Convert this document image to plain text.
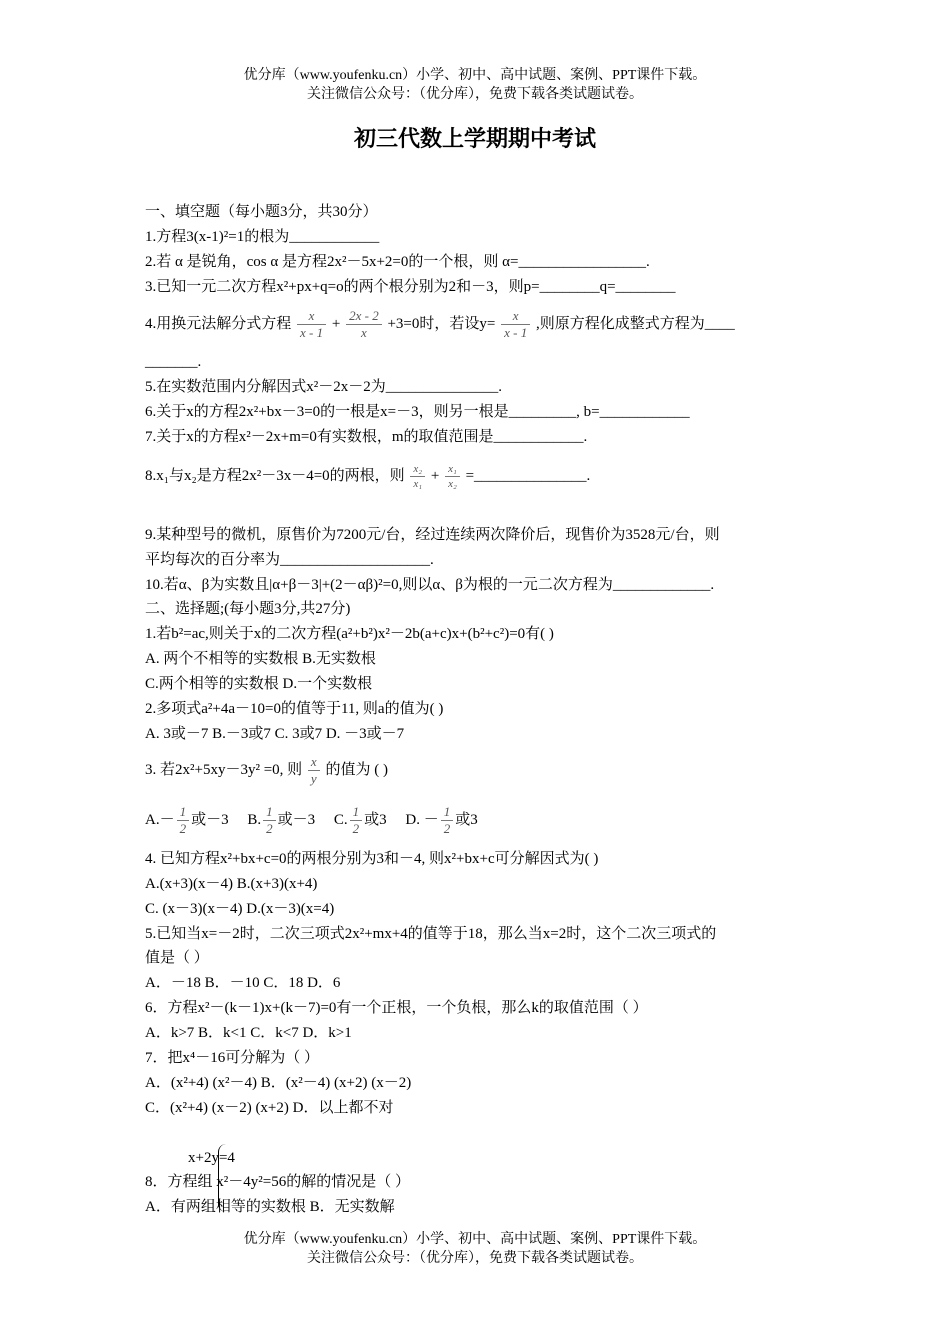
优分库（www.youfenku.cn）小学、初中、高中试题、案例、PPT课件下载。
关注微信公众号：（优分库），免费下载各类试题试卷。
初三代数上学期期中考试
一、填空题（每小题3分，共30分）
1.方程3(x-1)²=1的根为____________
2.若 α 是锐角，cos α 是方程2x²－5x+2=0的一个根，则 α=_________________.
3.已知一元二次方程x²+px+q=o的两个根分别为2和－3，则p=________q=________
4.用换元法解分式方程 $\frac{x}{x - 1} + \frac{2x - 2}{x} +3=0$时，若设$y= \frac{x}{x - 1}$ ,则原方程化成整式方程为____
_______.
5.在实数范围内分解因式x²－2x－2为_______________.
6.关于x的方程2x²+bx－3=0的一根是x=－3，则另一根是_________, b=____________
7.关于x的方程x²－2x+m=0有实数根，m的取值范围是____________.
8.x₁与x₂是方程2x²－3x－4=0的两根，则 $\frac{\text{x₂}}{\text{x₁}} + \frac{\text{x₁}}{\text{x₂}}$ =_______________.
9.某种型号的微机，原售价为7200元/台，经过连续两次降价后，现售价为3528元/台，则
平均每次的百分率为____________________.
10.若α、β为实数且|α+β－3|+(2－αβ)²=0,则以α、β为根的一元二次方程为_____________.
二、选择题;(每小题3分,共27分)
1.若b²=ac,则关于x的二次方程(a²+b²)x²－2b(a+c)x+(b²+c²)=0有( )
A. 两个不相等的实数根 B.无实数根
C.两个相等的实数根 D.一个实数根
2.多项式a²+4a－10=0的值等于11, 则a的值为( )
A. 3或－7 B.－3或7 C. 3或7 D. －3或－7
3. 若2x²+5xy－3y² =0, 则 $\frac{x}{y}$ 的值为 ( )
$A.- \frac{1}{2}$ 或－3 B. $\frac{1}{2}$ 或－3 C. $\frac{1}{2}$ 或3 D. － $\frac{1}{2}$ 或3
4. 已知方程x²+bx+c=0的两根分别为3和－4, 则x²+bx+c可分解因式为( )
A.(x+3)(x－4) B.(x+3)(x+4)
C. (x－3)(x－4) D.(x－3)(x=4)
5.已知当x=－2时，二次三项式2x²+mx+4的值等于18，那么当x=2时，这个二次三项式的
值是（ ）
A．－18 B．－10 C．18 D．6
6．方程x²－(k－1)x+(k－7)=0有一个正根，一个负根，那么k的取值范围（ ）
A．k>7 B．k<1 C．k<7 D．k>1
7．把x⁴－16可分解为（ ）
A．(x²+4) (x²－4) B．(x²－4) (x+2) (x－2)
C．(x²+4) (x－2) (x+2) D．以上都不对
x+2y=4
8．方程组 x²－4y²=56的解的情况是（ ）
A．有两组相等的实数根 B．无实数解
优分库（www.youfenku.cn）小学、初中、高中试题、案例、PPT课件下载。
关注微信公众号：（优分库），免费下载各类试题试卷。
